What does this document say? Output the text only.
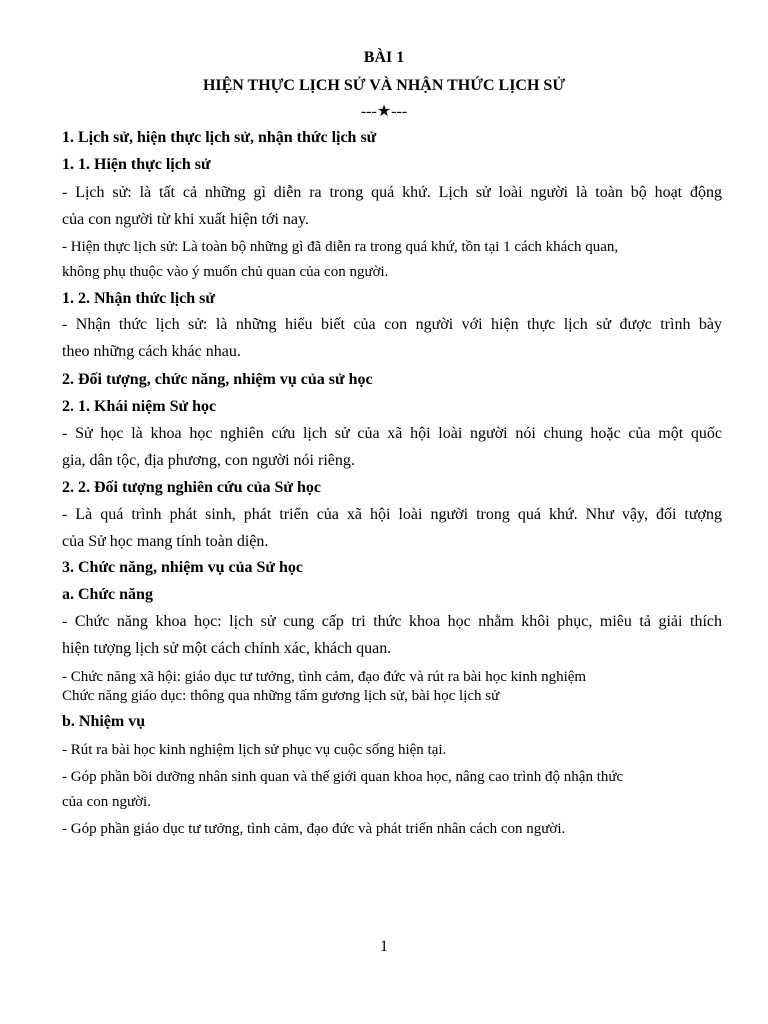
BÀI 1
HIỆN THỰC LỊCH SỬ VÀ NHẬN THỨC LỊCH SỬ
---★---
1. Lịch sử, hiện thực lịch sử, nhận thức lịch sử
1. 1. Hiện thực lịch sử
- Lịch sử: là tất cả những gì diễn ra trong quá khứ. Lịch sử loài người là toàn bộ hoạt động
của con người từ khi xuất hiện tới nay.
- Hiện thực lịch sử: Là toàn bộ những gì đã diễn ra trong quá khứ, tồn tại 1 cách khách quan,
không phụ thuộc vào ý muốn chủ quan của con người.
1. 2. Nhận thức lịch sử
- Nhận thức lịch sử: là những hiểu biết của con người với hiện thực lịch sử được trình bày
theo những cách khác nhau.
2. Đối tượng, chức năng, nhiệm vụ của sử học
2. 1. Khái niệm Sử học
- Sử học là khoa học nghiên cứu lịch sử của xã hội loài người nói chung hoặc của một quốc
gia, dân tộc, địa phương, con người nói riêng.
2. 2. Đối tượng nghiên cứu của Sử học
- Là quá trình phát sinh, phát triển của xã hội loài người trong quá khứ. Như vậy, đối tượng
của Sử học mang tính toàn diện.
3. Chức năng, nhiệm vụ của Sử học
a. Chức năng
- Chức năng khoa học: lịch sử cung cấp tri thức khoa học nhằm khôi phục, miêu tả giải thích
hiện tượng lịch sử một cách chính xác, khách quan.
- Chức năng xã hội: giáo dục tư tưởng, tình cảm, đạo đức và rút ra bài học kinh nghiệm
Chức năng giáo dục: thông qua những tấm gương lịch sử, bài học lịch sử
b. Nhiệm vụ
- Rút ra bài học kinh nghiệm lịch sử phục vụ cuộc sống hiện tại.
- Góp phần bồi dưỡng nhân sinh quan và thế giới quan khoa học, nâng cao trình độ nhận thức
của con người.
- Góp phần giáo dục tư tưởng, tình cảm, đạo đức và phát triển nhân cách con người.
1
